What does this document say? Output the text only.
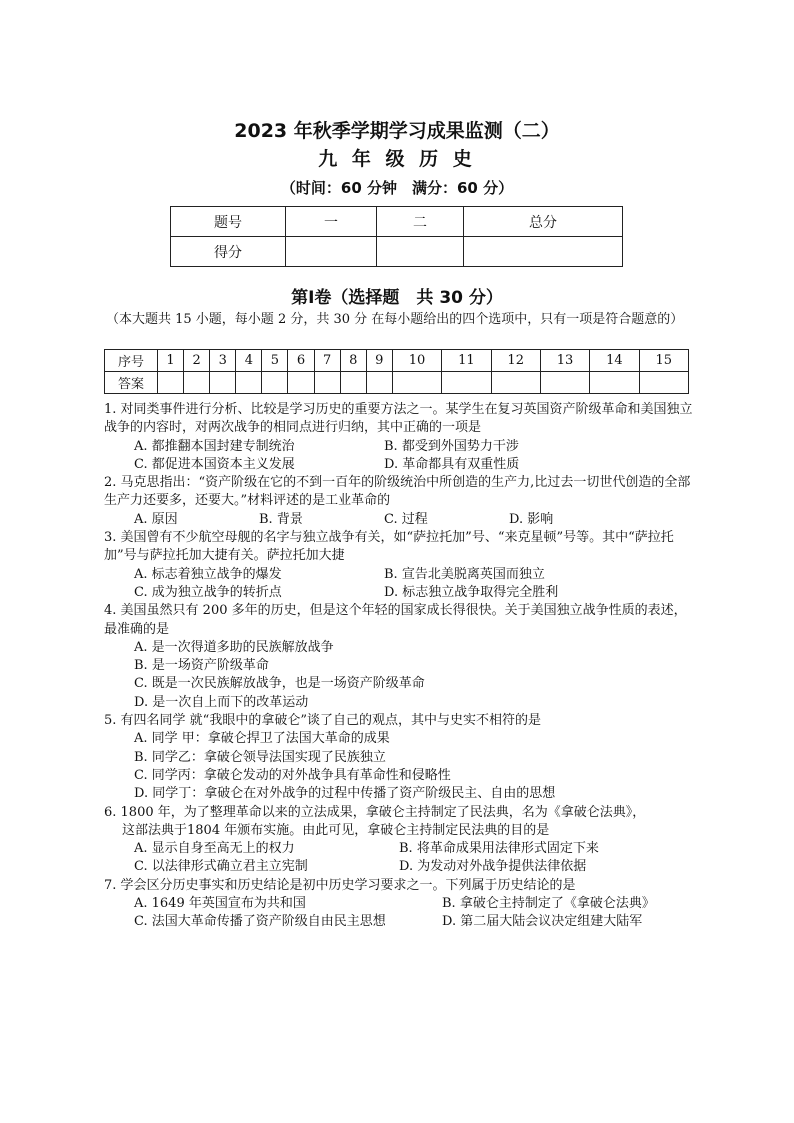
2023 年秋季学期学习成果监测（二）
九 年 级 历 史
（时间：60 分钟　满分：60 分）
题号	一	二	总分
得分			
第Ⅰ卷（选择题　共 30 分）
（本大题共 15 小题，每小题 2 分，共 30 分 在每小题给出的四个选项中，只有一项是符合题意的）
序号	1	2	3	4	5	6	7	8	9	10	11	12	13	14	15
答案															

1. 对同类事件进行分析、比较是学习历史的重要方法之一。某学生在复习英国资产阶级革命和美国独立战争的内容时，对两次战争的相同点进行归纳，其中正确的一项是

A. 都推翻本国封建专制统治	B. 都受到外国势力干涉
C. 都促进本国资本主义发展	D. 革命都具有双重性质

2. 马克思指出：“资产阶级在它的不到一百年的阶级统治中所创造的生产力,比过去一切世代创造的全部生产力还要多，还要大。”材料评述的是工业革命的

A. 原因	B. 背景	C. 过程	D. 影响

3. 美国曾有不少航空母舰的名字与独立战争有关，如“萨拉托加”号、“来克星顿”号等。其中“萨拉托加”号与萨拉托加大捷有关。萨拉托加大捷

A. 标志着独立战争的爆发	B. 宣告北美脱离英国而独立
C. 成为独立战争的转折点	D. 标志独立战争取得完全胜利

4. 美国虽然只有 200 多年的历史，但是这个年轻的国家成长得很快。关于美国独立战争性质的表述，最准确的是

A. 是一次得道多助的民族解放战争
B. 是一场资产阶级革命
C. 既是一次民族解放战争，也是一场资产阶级革命
D. 是一次自上而下的改革运动

5. 有四名同学 就“我眼中的拿破仑”谈了自己的观点，其中与史实不相符的是

A. 同学 甲：拿破仑捍卫了法国大革命的成果
B. 同学乙：拿破仑领导法国实现了民族独立
C. 同学丙：拿破仑发动的对外战争具有革命性和侵略性
D. 同学丁：拿破仑在对外战争的过程中传播了资产阶级民主、自由的思想

6. 1800 年，为了整理革命以来的立法成果，拿破仑主持制定了民法典，名为《拿破仑法典》，

这部法典于1804 年颁布实施。由此可见，拿破仑主持制定民法典的目的是

A. 显示自身至高无上的权力	B. 将革命成果用法律形式固定下来
C. 以法律形式确立君主立宪制	D. 为发动对外战争提供法律依据

7. 学会区分历史事实和历史结论是初中历史学习要求之一。下列属于历史结论的是

A. 1649 年英国宣布为共和国	B. 拿破仑主持制定了《拿破仑法典》
C. 法国大革命传播了资产阶级自由民主思想	D. 第二届大陆会议决定组建大陆军
